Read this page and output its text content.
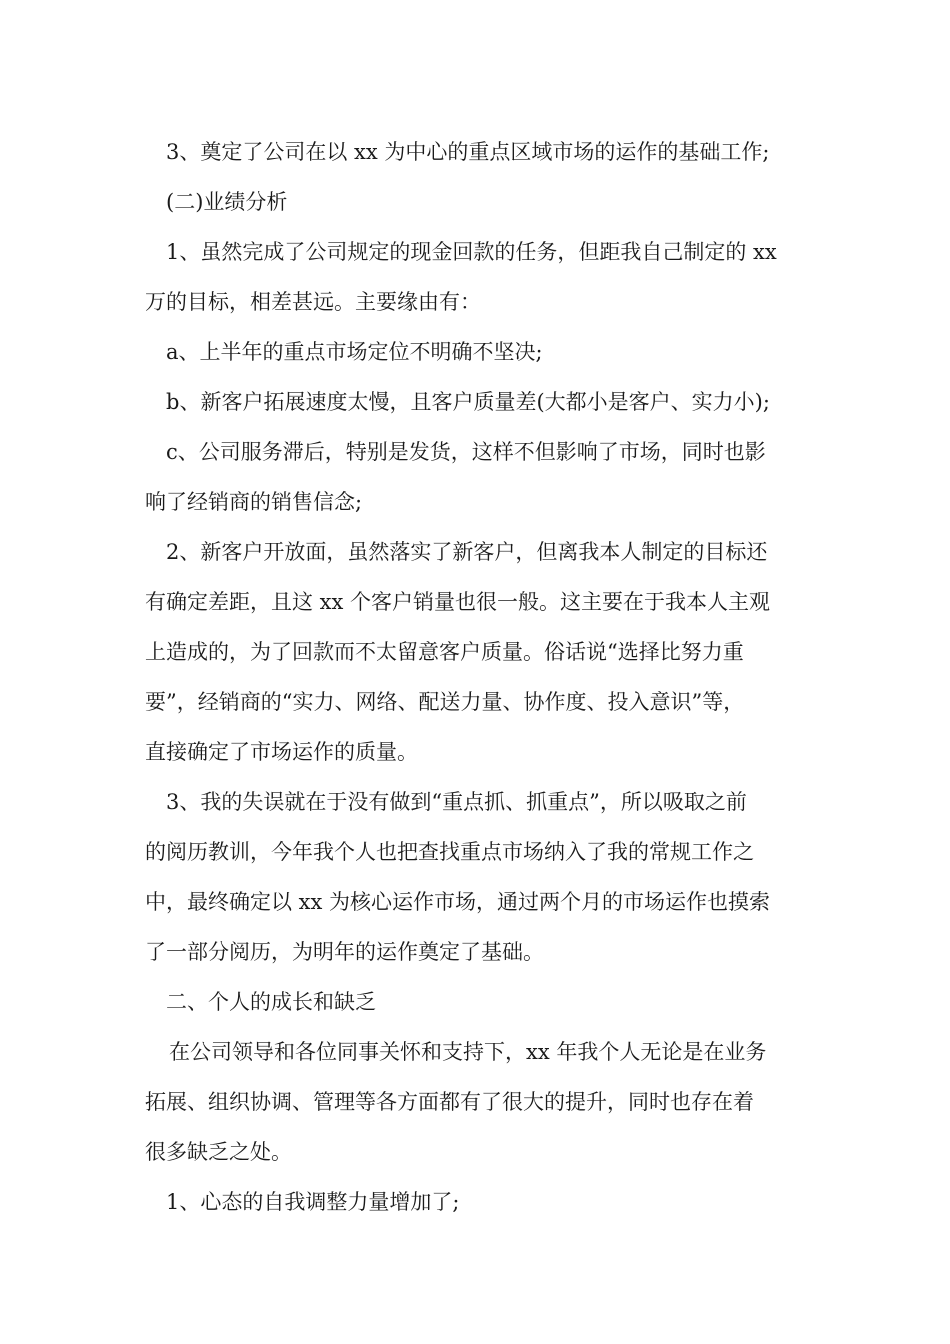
3、奠定了公司在以 xx 为中心的重点区域市场的运作的基础工作;
(二)业绩分析
1、虽然完成了公司规定的现金回款的任务，但距我自己制定的 xx
万的目标，相差甚远。主要缘由有：
a、上半年的重点市场定位不明确不坚决;
b、新客户拓展速度太慢，且客户质量差(大都小是客户、实力小);
c、公司服务滞后，特别是发货，这样不但影响了市场，同时也影
响了经销商的销售信念;
2、新客户开放面，虽然落实了新客户，但离我本人制定的目标还
有确定差距，且这 xx 个客户销量也很一般。这主要在于我本人主观
上造成的，为了回款而不太留意客户质量。俗话说“选择比努力重
要”，经销商的“实力、网络、配送力量、协作度、投入意识”等，
直接确定了市场运作的质量。
3、我的失误就在于没有做到“重点抓、抓重点”，所以吸取之前
的阅历教训，今年我个人也把查找重点市场纳入了我的常规工作之
中，最终确定以 xx 为核心运作市场，通过两个月的市场运作也摸索
了一部分阅历，为明年的运作奠定了基础。
二、个人的成长和缺乏
在公司领导和各位同事关怀和支持下，xx 年我个人无论是在业务
拓展、组织协调、管理等各方面都有了很大的提升，同时也存在着
很多缺乏之处。
1、心态的自我调整力量增加了;
